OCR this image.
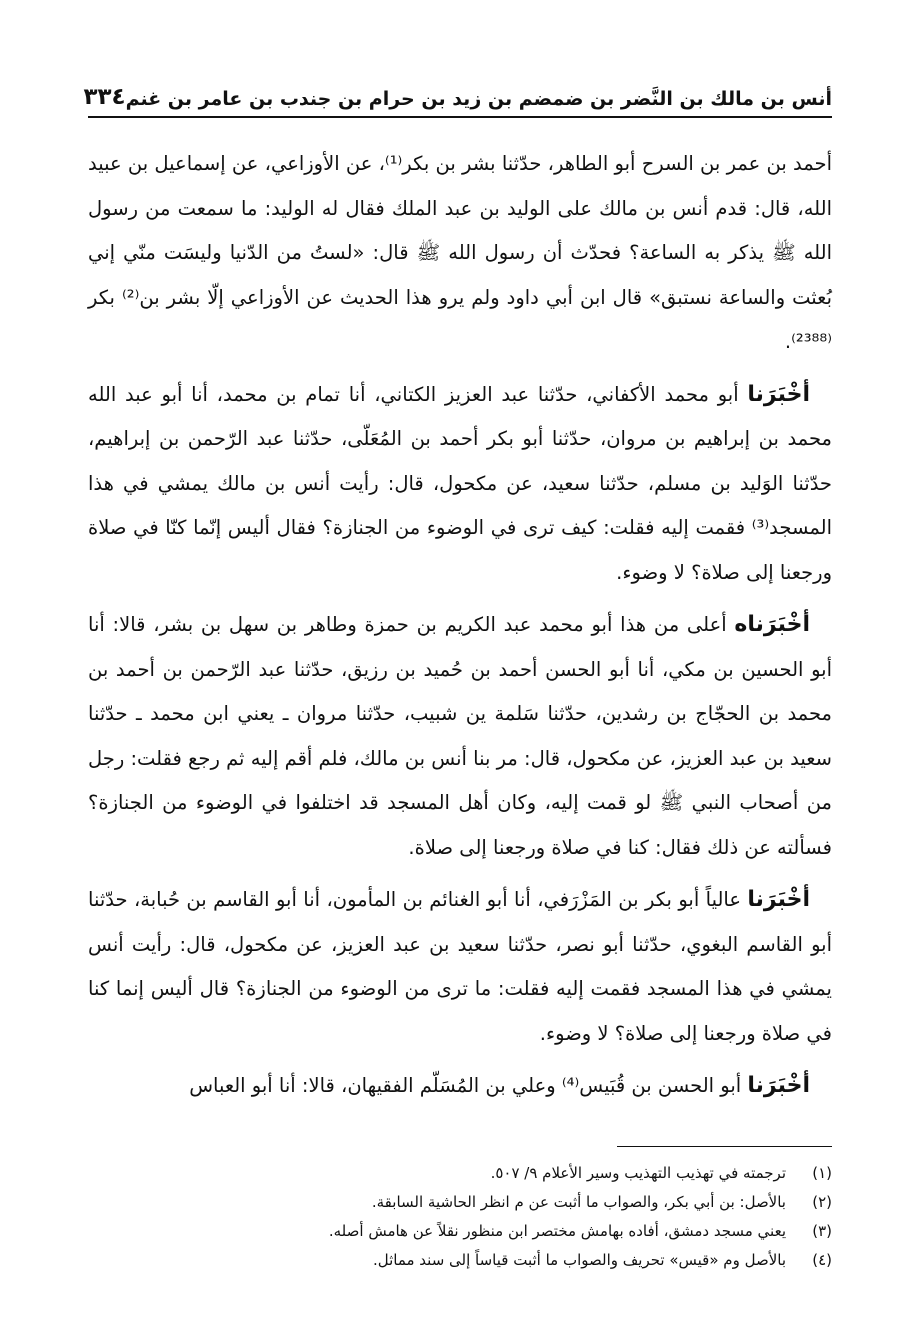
أنس بن مالك بن النَّضر بن ضمضم بن زيد بن حرام بن جندب بن عامر بن غنم
٣٣٤

أحمد بن عمر بن السرح أبو الطاهر، حدّثنا بشر بن بكر⁽¹⁾، عن الأوزاعي، عن إسماعيل بن عبيد الله، قال: قدم أنس بن مالك على الوليد بن عبد الملك فقال له الوليد: ما سمعت من رسول الله ﷺ يذكر به الساعة؟ فحدّث أن رسول الله ﷺ قال: «لستُ من الدّنيا وليسَت منّي إني بُعثت والساعة نستبق» قال ابن أبي داود ولم يرو هذا الحديث عن الأوزاعي إلّا بشر بن⁽²⁾ بكر ⁽²³⁸⁸⁾.

أخْبَرَنا أبو محمد الأكفاني، حدّثنا عبد العزيز الكتاني، أنا تمام بن محمد، أنا أبو عبد الله محمد بن إبراهيم بن مروان، حدّثنا أبو بكر أحمد بن المُعَلّى، حدّثنا عبد الرّحمن بن إبراهيم، حدّثنا الوَليد بن مسلم، حدّثنا سعيد، عن مكحول، قال: رأيت أنس بن مالك يمشي في هذا المسجد⁽³⁾ فقمت إليه فقلت: كيف ترى في الوضوء من الجنازة؟ فقال أليس إنّما كنّا في صلاة ورجعنا إلى صلاة؟ لا وضوء.

أخْبَرَناه أعلى من هذا أبو محمد عبد الكريم بن حمزة وطاهر بن سهل بن بشر، قالا: أنا أبو الحسين بن مكي، أنا أبو الحسن أحمد بن حُميد بن رزيق، حدّثنا عبد الرّحمن بن أحمد بن محمد بن الحجّاج بن رشدين، حدّثنا سَلمة ين شبيب، حدّثنا مروان ـ يعني ابن محمد ـ حدّثنا سعيد بن عبد العزيز، عن مكحول، قال: مر بنا أنس بن مالك، فلم أقم إليه ثم رجع فقلت: رجل من أصحاب النبي ﷺ لو قمت إليه، وكان أهل المسجد قد اختلفوا في الوضوء من الجنازة؟ فسألته عن ذلك فقال: كنا في صلاة ورجعنا إلى صلاة.

أخْبَرَنا عالياً أبو بكر بن المَزْرَفي، أنا أبو الغنائم بن المأمون، أنا أبو القاسم بن حُبابة، حدّثنا أبو القاسم البغوي، حدّثنا أبو نصر، حدّثنا سعيد بن عبد العزيز، عن مكحول، قال: رأيت أنس يمشي في هذا المسجد فقمت إليه فقلت: ما ترى من الوضوء من الجنازة؟ قال أليس إنما كنا في صلاة ورجعنا إلى صلاة؟ لا وضوء.

أخْبَرَنا أبو الحسن بن قُبَيس⁽⁴⁾ وعلي بن المُسَلّم الفقيهان، قالا: أنا أبو العباس

(١)
ترجمته في تهذيب التهذيب وسير الأعلام ٩/ ٥٠٧.
(٢)
بالأصل: بن أبي بكر، والصواب ما أثبت عن م انظر الحاشية السابقة.
(٣)
يعني مسجد دمشق، أفاده بهامش مختصر ابن منظور نقلاً عن هامش أصله.
(٤)
بالأصل وم «قيس» تحريف والصواب ما أثبت قياساً إلى سند مماثل.
